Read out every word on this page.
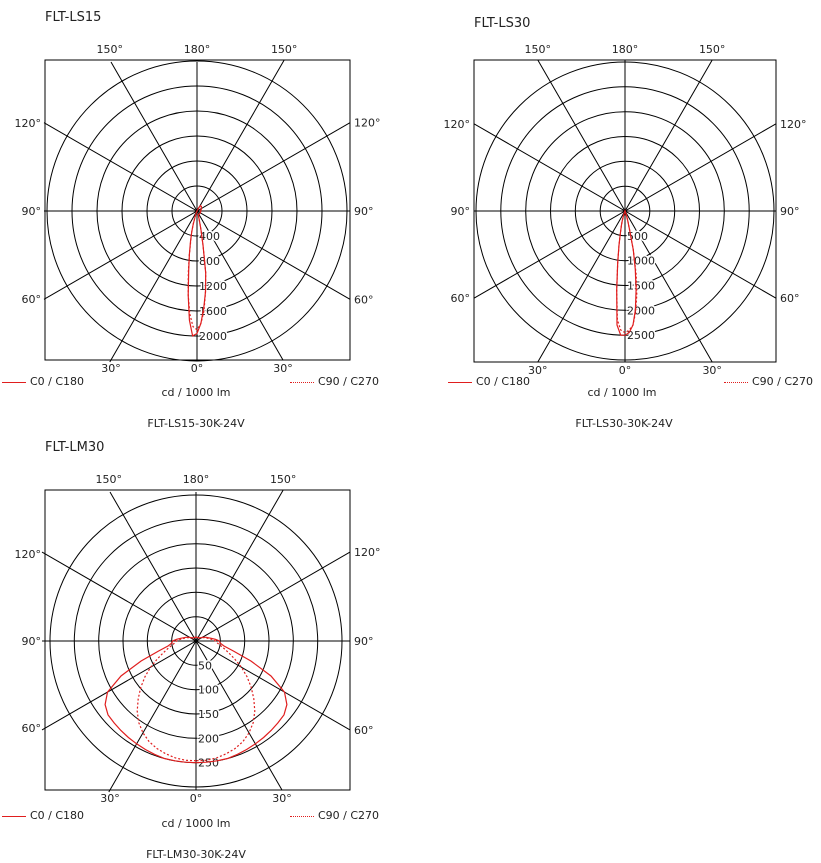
FLT-LS15
400
800
1200
1600
2000
180°
150°	150°
120°	120°
90°	90°
60°	60°
30°	30°
0°
C0 / C180	C90 / C270
cd / 1000 lm
FLT-LS15-30K-24V
FLT-LS30
500
1000
1500
2000
2500
180°
150°	150°
120°	120°
90°	90°
60°	60°
30°	30°
0°
C0 / C180	C90 / C270
cd / 1000 lm
FLT-LS30-30K-24V
FLT-LM30
50
100
150
200
250
180°
150°	150°
120°	120°
90°	90°
60°	60°
30°	30°
0°
C0 / C180	C90 / C270
cd / 1000 lm
FLT-LM30-30K-24V
